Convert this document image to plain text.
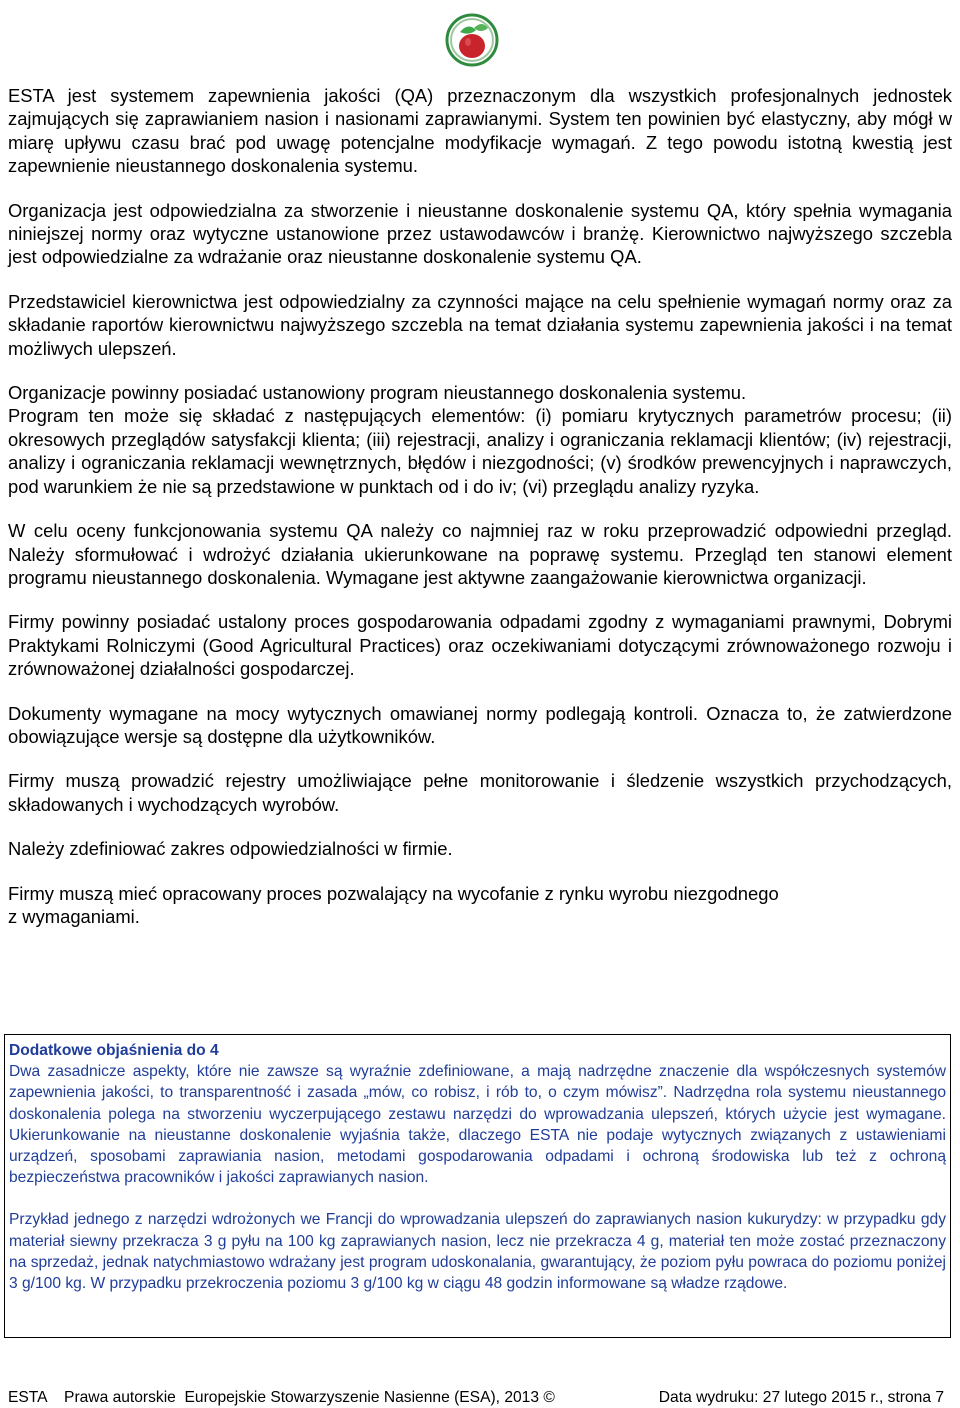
ESTA jest systemem zapewnienia jakości (QA) przeznaczonym dla wszystkich profesjonalnych jednostek zajmujących się zaprawianiem nasion i nasionami zaprawianymi. System ten powinien być elastyczny, aby mógł w miarę upływu czasu brać pod uwagę potencjalne modyfikacje wymagań. Z tego powodu istotną kwestią jest zapewnienie nieustannego doskonalenia systemu.

Organizacja jest odpowiedzialna za stworzenie i nieustanne doskonalenie systemu QA, który spełnia wymagania niniejszej normy oraz wytyczne ustanowione przez ustawodawców i branżę. Kierownictwo najwyższego szczebla jest odpowiedzialne za wdrażanie oraz nieustanne doskonalenie systemu QA.

Przedstawiciel kierownictwa jest odpowiedzialny za czynności mające na celu spełnienie wymagań normy oraz za składanie raportów kierownictwu najwyższego szczebla na temat działania systemu zapewnienia jakości i na temat możliwych ulepszeń.

Organizacje powinny posiadać ustanowiony program nieustannego doskonalenia systemu.

Program ten może się składać z następujących elementów: (i) pomiaru krytycznych parametrów procesu; (ii) okresowych przeglądów satysfakcji klienta; (iii) rejestracji, analizy i ograniczania reklamacji klientów; (iv) rejestracji, analizy i ograniczania reklamacji wewnętrznych, błędów i niezgodności; (v) środków prewencyjnych i naprawczych, pod warunkiem że nie są przedstawione w punktach od i do iv; (vi) przeglądu analizy ryzyka.

W celu oceny funkcjonowania systemu QA należy co najmniej raz w roku przeprowadzić odpowiedni przegląd. Należy sformułować i wdrożyć działania ukierunkowane na poprawę systemu. Przegląd ten stanowi element programu nieustannego doskonalenia. Wymagane jest aktywne zaangażowanie kierownictwa organizacji.

Firmy powinny posiadać ustalony proces gospodarowania odpadami zgodny z wymaganiami prawnymi, Dobrymi Praktykami Rolniczymi (Good Agricultural Practices) oraz oczekiwaniami dotyczącymi zrównoważonego rozwoju i zrównoważonej działalności gospodarczej.

Dokumenty wymagane na mocy wytycznych omawianej normy podlegają kontroli. Oznacza to, że zatwierdzone obowiązujące wersje są dostępne dla użytkowników.

Firmy muszą prowadzić rejestry umożliwiające pełne monitorowanie i śledzenie wszystkich przychodzących, składowanych i wychodzących wyrobów.

Należy zdefiniować zakres odpowiedzialności w firmie.

Firmy muszą mieć opracowany proces pozwalający na wycofanie z rynku wyrobu niezgodnego
z wymaganiami.

Dodatkowe objaśnienia do 4

Dwa zasadnicze aspekty, które nie zawsze są wyraźnie zdefiniowane, a mają nadrzędne znaczenie dla współczesnych systemów zapewnienia jakości, to transparentność i zasada „mów, co robisz, i rób to, o czym mówisz”. Nadrzędna rola systemu nieustannego doskonalenia polega na stworzeniu wyczerpującego zestawu narzędzi do wprowadzania ulepszeń, których użycie jest wymagane. Ukierunkowanie na nieustanne doskonalenie wyjaśnia także, dlaczego ESTA nie podaje wytycznych związanych z ustawieniami urządzeń, sposobami zaprawiania nasion, metodami gospodarowania odpadami i ochroną środowiska lub też z ochroną bezpieczeństwa pracowników i jakości zaprawianych nasion.

Przykład jednego z narzędzi wdrożonych we Francji do wprowadzania ulepszeń do zaprawianych nasion kukurydzy: w przypadku gdy materiał siewny przekracza 3 g pyłu na 100 kg zaprawianych nasion, lecz nie przekracza 4 g, materiał ten może zostać przeznaczony na sprzedaż, jednak natychmiastowo wdrażany jest program udoskonalania, gwarantujący, że poziom pyłu powraca do poziomu poniżej 3 g/100 kg. W przypadku przekroczenia poziomu 3 g/100 kg w ciągu 48 godzin informowane są władze rządowe.

ESTA    Prawa autorskie  Europejskie Stowarzyszenie Nasienne (ESA), 2013 ©	Data wydruku: 27 lutego 2015 r., strona 7
